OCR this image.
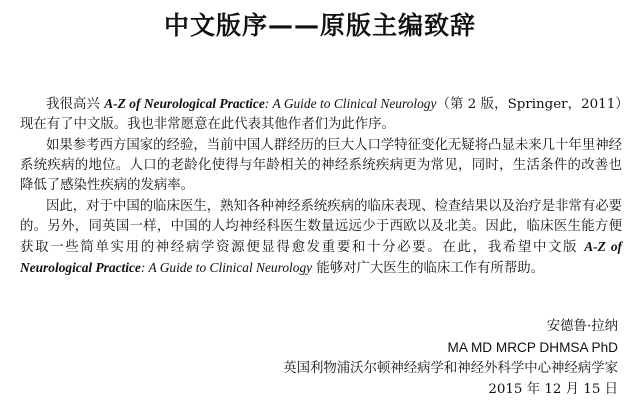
中文版序——原版主编致辞

我很高兴 A-Z of Neurological Practice: A Guide to Clinical Neurology（第 2 版，Springer，2011）现在有了中文版。我也非常愿意在此代表其他作者们为此作序。

如果参考西方国家的经验，当前中国人群经历的巨大人口学特征变化无疑将凸显未来几十年里神经系统疾病的地位。人口的老龄化使得与年龄相关的神经系统疾病更为常见，同时，生活条件的改善也降低了感染性疾病的发病率。

因此，对于中国的临床医生，熟知各种神经系统疾病的临床表现、检查结果以及治疗是非常有必要的。另外，同英国一样，中国的人均神经科医生数量远远少于西欧以及北美。因此，临床医生能方便获取一些简单实用的神经病学资源便显得愈发重要和十分必要。在此，我希望中文版 A-Z of Neurological Practice: A Guide to Clinical Neurology 能够对广大医生的临床工作有所帮助。

安德鲁·拉纳
MA MD MRCP DHMSA PhD
英国利物浦沃尔顿神经病学和神经外科学中心神经病学家
2015 年 12 月 15 日
